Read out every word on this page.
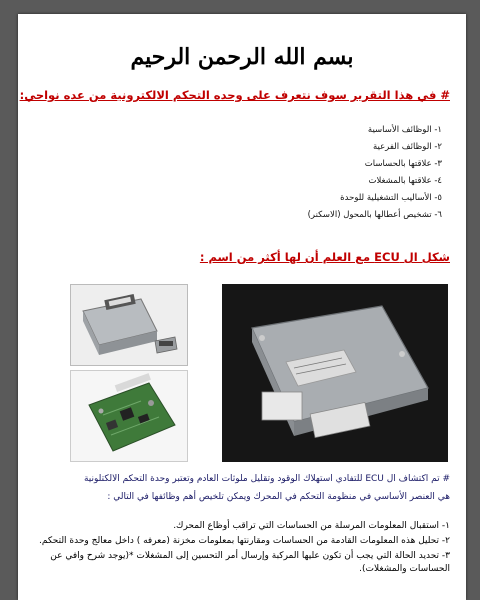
بسم الله الرحمن الرحيم
# في هذا التقرير سوف نتعرف على وحده التحكم الالكترونية من عده نواحي:
١- الوظائف الأساسية
٢- الوظائف الفرعية
٣- علاقتها بالحساسات
٤- علاقتها بالمشغلات
٥- الأساليب التشغيلية للوحدة
٦- تشخيص أعطالها بالمحول (الاسكنر)
شكل ال ECU مع العلم أن لها أكثر من اسم :
# تم اكتشاف ال ECU للتفادي استهلاك الوقود وتقليل ملوثات العادم وتعتبر وحدة التحكم الالكتلونية
هي العنصر الأساسي في منظومة التحكم في المحرك ويمكن تلخيص أهم وظائفها في التالي :
١- استقبال المعلومات المرسلة من الحساسات التي تراقب أوظاع المحرك.
٢- تحليل هذه المعلومات القادمة من الحساسات ومقارنتها بمعلومات مخزنة (معرفه ) داخل معالج وحدة التحكم.
٣- تحديد الحالة التي يجب أن تكون عليها المركبة وإرسال أمر التحسين إلى المشغلات *(يوجد شرح وافي عن الحساسات والمشغلات).
